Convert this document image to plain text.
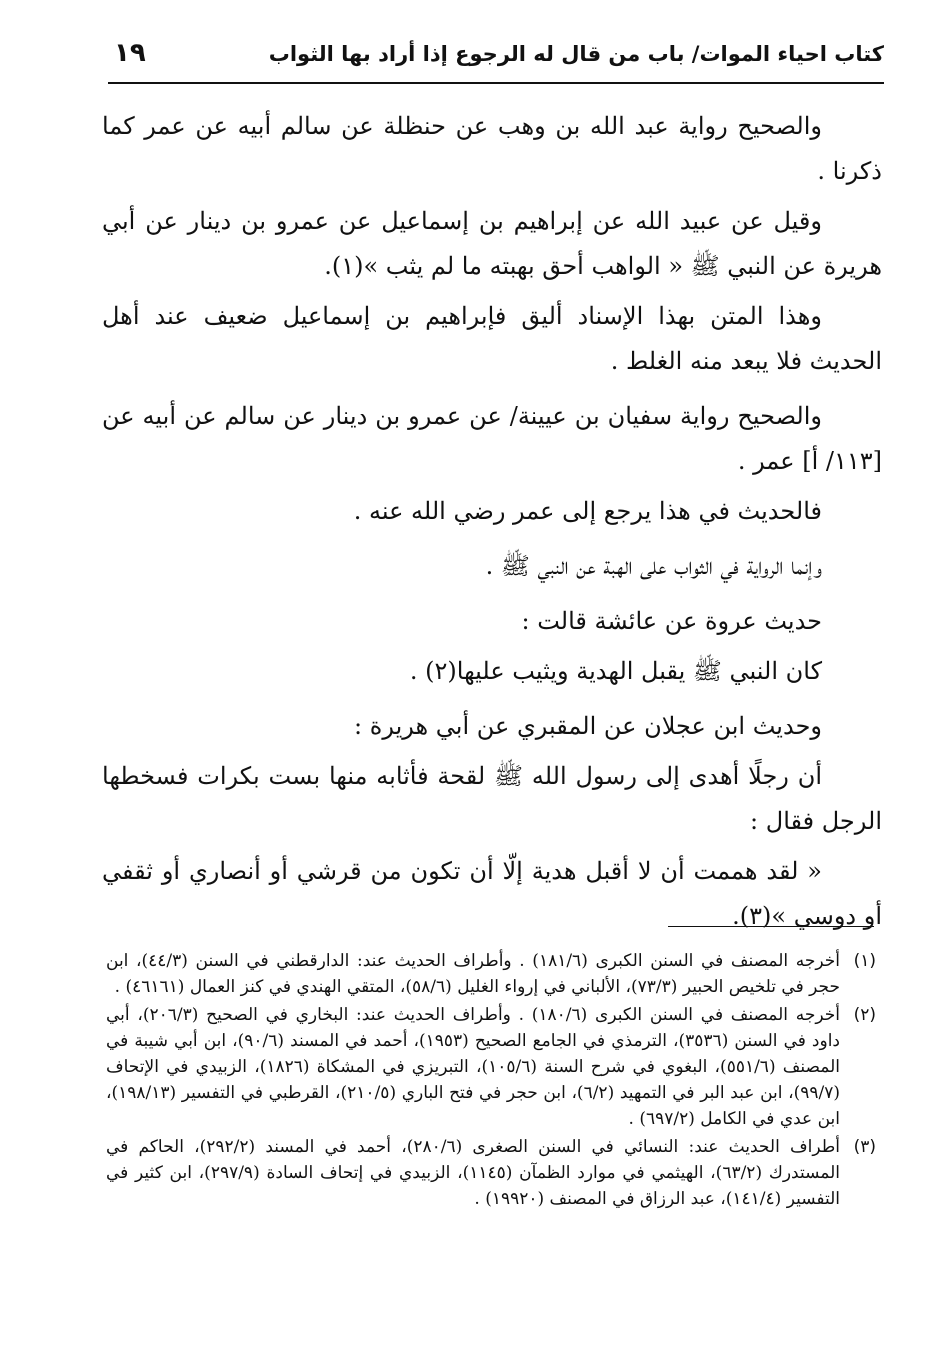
كتاب احياء الموات/ باب من قال له الرجوع إذا أراد بها الثواب
١٩

والصحيح رواية عبد الله بن وهب عن حنظلة عن سالم أبيه عن عمر كما ذكرنا .

وقيل عن عبيد الله عن إبراهيم بن إسماعيل عن عمرو بن دينار عن أبي هريرة عن النبي ﷺ « الواهب أحق بهبته ما لم يثب »(١).

وهذا المتن بهذا الإسناد أليق فإبراهيم بن إسماعيل ضعيف عند أهل الحديث فلا يبعد منه الغلط .

والصحيح رواية سفيان بن عيينة/ عن عمرو بن دينار عن سالم عن أبيه عن [١١٣/ أ] عمر .

فالحديث في هذا يرجع إلى عمر رضي الله عنه .

وإنما الرواية في الثواب على الهبة عن النبي ﷺ .

حديث عروة عن عائشة قالت :

كان النبي ﷺ يقبل الهدية ويثيب عليها(٢) .

وحديث ابن عجلان عن المقبري عن أبي هريرة :

أن رجلًا أهدى إلى رسول الله ﷺ لقحة فأثابه منها بست بكرات فسخطها الرجل فقال :

« لقد هممت أن لا أقبل هدية إلّا أن تكون من قرشي أو أنصاري أو ثقفي أو دوسي »(٣).

(١)
أخرجه المصنف في السنن الكبرى (١٨١/٦) . وأطراف الحديث عند: الدارقطني في السنن (٤٤/٣)، ابن حجر في تلخيص الحبير (٧٣/٣)، الألباني في إرواء الغليل (٥٨/٦)، المتقي الهندي في كنز العمال (٤٦١٦١) .
(٢)
أخرجه المصنف في السنن الكبرى (١٨٠/٦) . وأطراف الحديث عند: البخاري في الصحيح (٢٠٦/٣)، أبي داود في السنن (٣٥٣٦)، الترمذي في الجامع الصحيح (١٩٥٣)، أحمد في المسند (٩٠/٦)، ابن أبي شيبة في المصنف (٥٥١/٦)، البغوي في شرح السنة (١٠٥/٦)، التبريزي في المشكاة (١٨٢٦)، الزبيدي في الإتحاف (٩٩/٧)، ابن عبد البر في التمهيد (٦/٢)، ابن حجر في فتح الباري (٢١٠/٥)، القرطبي في التفسير (١٩٨/١٣)، ابن عدي في الكامل (٦٩٧/٢) .
(٣)
أطراف الحديث عند: النسائي في السنن الصغرى (٢٨٠/٦)، أحمد في المسند (٢٩٢/٢)، الحاكم في المستدرك (٦٣/٢)، الهيثمي في موارد الظمآن (١١٤٥)، الزبيدي في إتحاف السادة (٢٩٧/٩)، ابن كثير في التفسير (١٤١/٤)، عبد الرزاق في المصنف (١٩٩٢٠) .
